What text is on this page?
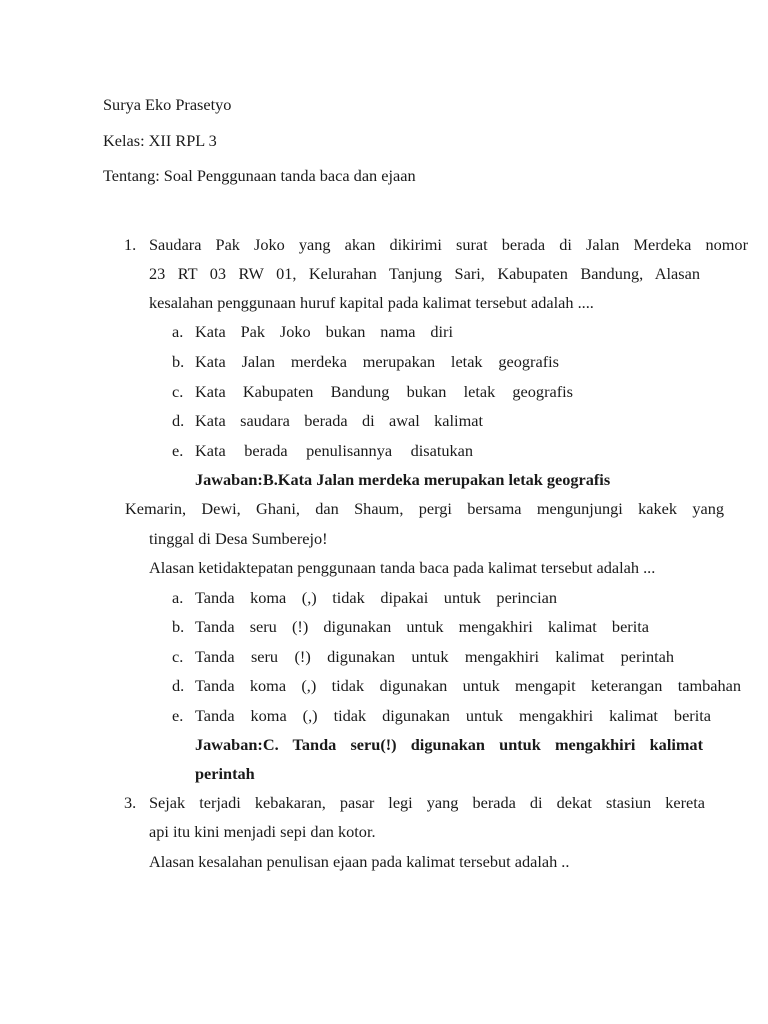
Surya Eko Prasetyo
Kelas: XII RPL 3
Tentang: Soal Penggunaan tanda baca dan ejaan
1. Saudara Pak Joko yang akan dikirimi surat berada di Jalan Merdeka nomor
23 RT 03 RW 01, Kelurahan Tanjung Sari, Kabupaten Bandung, Alasan
kesalahan penggunaan huruf kapital pada kalimat tersebut adalah ....
a. Kata Pak Joko bukan nama diri
b. Kata Jalan merdeka merupakan letak geografis
c. Kata Kabupaten Bandung bukan letak geografis
d. Kata saudara berada di awal kalimat
e. Kata berada penulisannya disatukan
Jawaban:B.Kata Jalan merdeka merupakan letak geografis
Kemarin, Dewi, Ghani, dan Shaum, pergi bersama mengunjungi kakek yang
tinggal di Desa Sumberejo!
Alasan ketidaktepatan penggunaan tanda baca pada kalimat tersebut adalah ...
a. Tanda koma (,) tidak dipakai untuk perincian
b. Tanda seru (!) digunakan untuk mengakhiri kalimat berita
c. Tanda seru (!) digunakan untuk mengakhiri kalimat perintah
d. Tanda koma (,) tidak digunakan untuk mengapit keterangan tambahan
e. Tanda koma (,) tidak digunakan untuk mengakhiri kalimat berita
Jawaban:C. Tanda seru(!) digunakan untuk mengakhiri kalimat
perintah
3. Sejak terjadi kebakaran, pasar legi yang berada di dekat stasiun kereta
api itu kini menjadi sepi dan kotor.
Alasan kesalahan penulisan ejaan pada kalimat tersebut adalah ..
